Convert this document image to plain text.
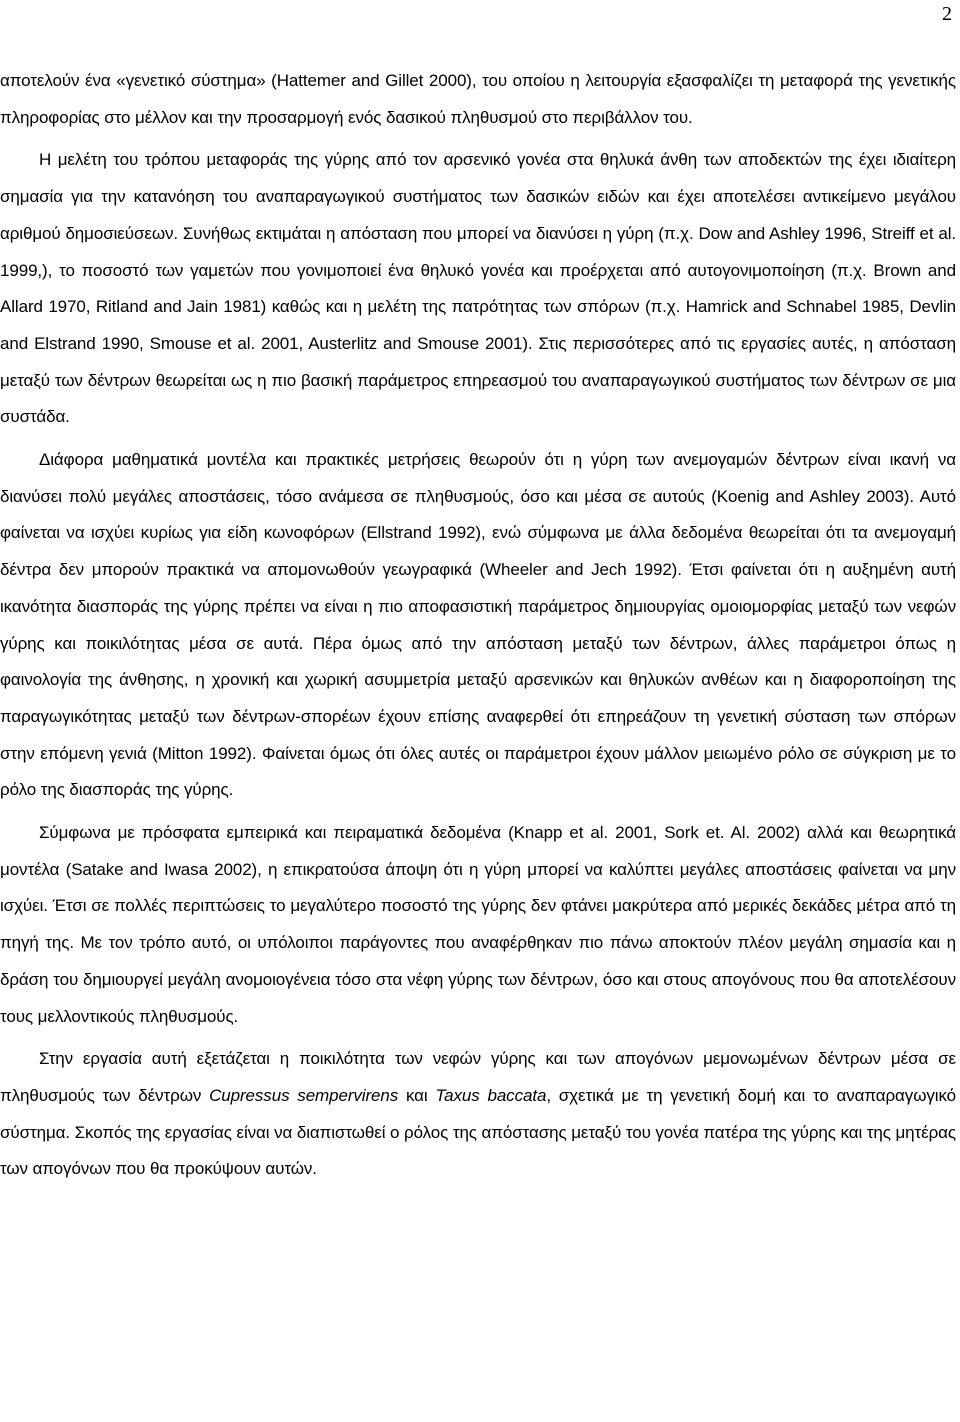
2

αποτελούν ένα «γενετικό σύστημα» (Hattemer and Gillet 2000), του οποίου η λειτουργία εξασφαλίζει τη μεταφορά της γενετικής πληροφορίας στο μέλλον και την προσαρμογή ενός δασικού πληθυσμού στο περιβάλλον του.

Η μελέτη του τρόπου μεταφοράς της γύρης από τον αρσενικό γονέα στα θηλυκά άνθη των αποδεκτών της έχει ιδιαίτερη σημασία για την κατανόηση του αναπαραγωγικού συστήματος των δασικών ειδών και έχει αποτελέσει αντικείμενο μεγάλου αριθμού δημοσιεύσεων. Συνήθως εκτιμάται η απόσταση που μπορεί να διανύσει η γύρη (π.χ. Dow and Ashley 1996, Streiff et al. 1999,), το ποσοστό των γαμετών που γονιμοποιεί ένα θηλυκό γονέα και προέρχεται από αυτογονιμοποίηση (π.χ. Brown and Allard 1970, Ritland and Jain 1981) καθώς και η μελέτη της πατρότητας των σπόρων (π.χ. Hamrick and Schnabel 1985, Devlin and Elstrand 1990, Smouse et al. 2001, Austerlitz and Smouse 2001). Στις περισσότερες από τις εργασίες αυτές, η απόσταση μεταξύ των δέντρων θεωρείται ως η πιο βασική παράμετρος επηρεασμού του αναπαραγωγικού συστήματος των δέντρων σε μια συστάδα.

Διάφορα μαθηματικά μοντέλα και πρακτικές μετρήσεις θεωρούν ότι η γύρη των ανεμογαμών δέντρων είναι ικανή να διανύσει πολύ μεγάλες αποστάσεις, τόσο ανάμεσα σε πληθυσμούς, όσο και μέσα σε αυτούς (Koenig and Ashley 2003). Αυτό φαίνεται να ισχύει κυρίως για είδη κωνοφόρων (Ellstrand 1992), ενώ σύμφωνα με άλλα δεδομένα θεωρείται ότι τα ανεμογαμή δέντρα δεν μπορούν πρακτικά να απομονωθούν γεωγραφικά (Wheeler and Jech 1992). Έτσι φαίνεται ότι η αυξημένη αυτή ικανότητα διασποράς της γύρης πρέπει να είναι η πιο αποφασιστική παράμετρος δημιουργίας ομοιομορφίας μεταξύ των νεφών γύρης και ποικιλότητας μέσα σε αυτά. Πέρα όμως από την απόσταση μεταξύ των δέντρων, άλλες παράμετροι όπως η φαινολογία της άνθησης, η χρονική και χωρική ασυμμετρία μεταξύ αρσενικών και θηλυκών ανθέων και η διαφοροποίηση της παραγωγικότητας μεταξύ των δέντρων-σπορέων έχουν επίσης αναφερθεί ότι επηρεάζουν τη γενετική σύσταση των σπόρων στην επόμενη γενιά (Mitton 1992). Φαίνεται όμως ότι όλες αυτές οι παράμετροι έχουν μάλλον μειωμένο ρόλο σε σύγκριση με το ρόλο της διασποράς της γύρης.

Σύμφωνα με πρόσφατα εμπειρικά και πειραματικά δεδομένα (Knapp et al. 2001, Sork et. Al. 2002) αλλά και θεωρητικά μοντέλα (Satake and Iwasa 2002), η επικρατούσα άποψη ότι η γύρη μπορεί να καλύπτει μεγάλες αποστάσεις φαίνεται να μην ισχύει. Έτσι σε πολλές περιπτώσεις το μεγαλύτερο ποσοστό της γύρης δεν φτάνει μακρύτερα από μερικές δεκάδες μέτρα από τη πηγή της. Με τον τρόπο αυτό, οι υπόλοιποι παράγοντες που αναφέρθηκαν πιο πάνω αποκτούν πλέον μεγάλη σημασία και η δράση του δημιουργεί μεγάλη ανομοιογένεια τόσο στα νέφη γύρης των δέντρων, όσο και στους απογόνους που θα αποτελέσουν τους μελλοντικούς πληθυσμούς.

Στην εργασία αυτή εξετάζεται η ποικιλότητα των νεφών γύρης και των απογόνων μεμονωμένων δέντρων μέσα σε πληθυσμούς των δέντρων Cupressus sempervirens και Taxus baccata, σχετικά με τη γενετική δομή και το αναπαραγωγικό σύστημα. Σκοπός της εργασίας είναι να διαπιστωθεί ο ρόλος της απόστασης μεταξύ του γονέα πατέρα της γύρης και της μητέρας των απογόνων που θα προκύψουν αυτών.
